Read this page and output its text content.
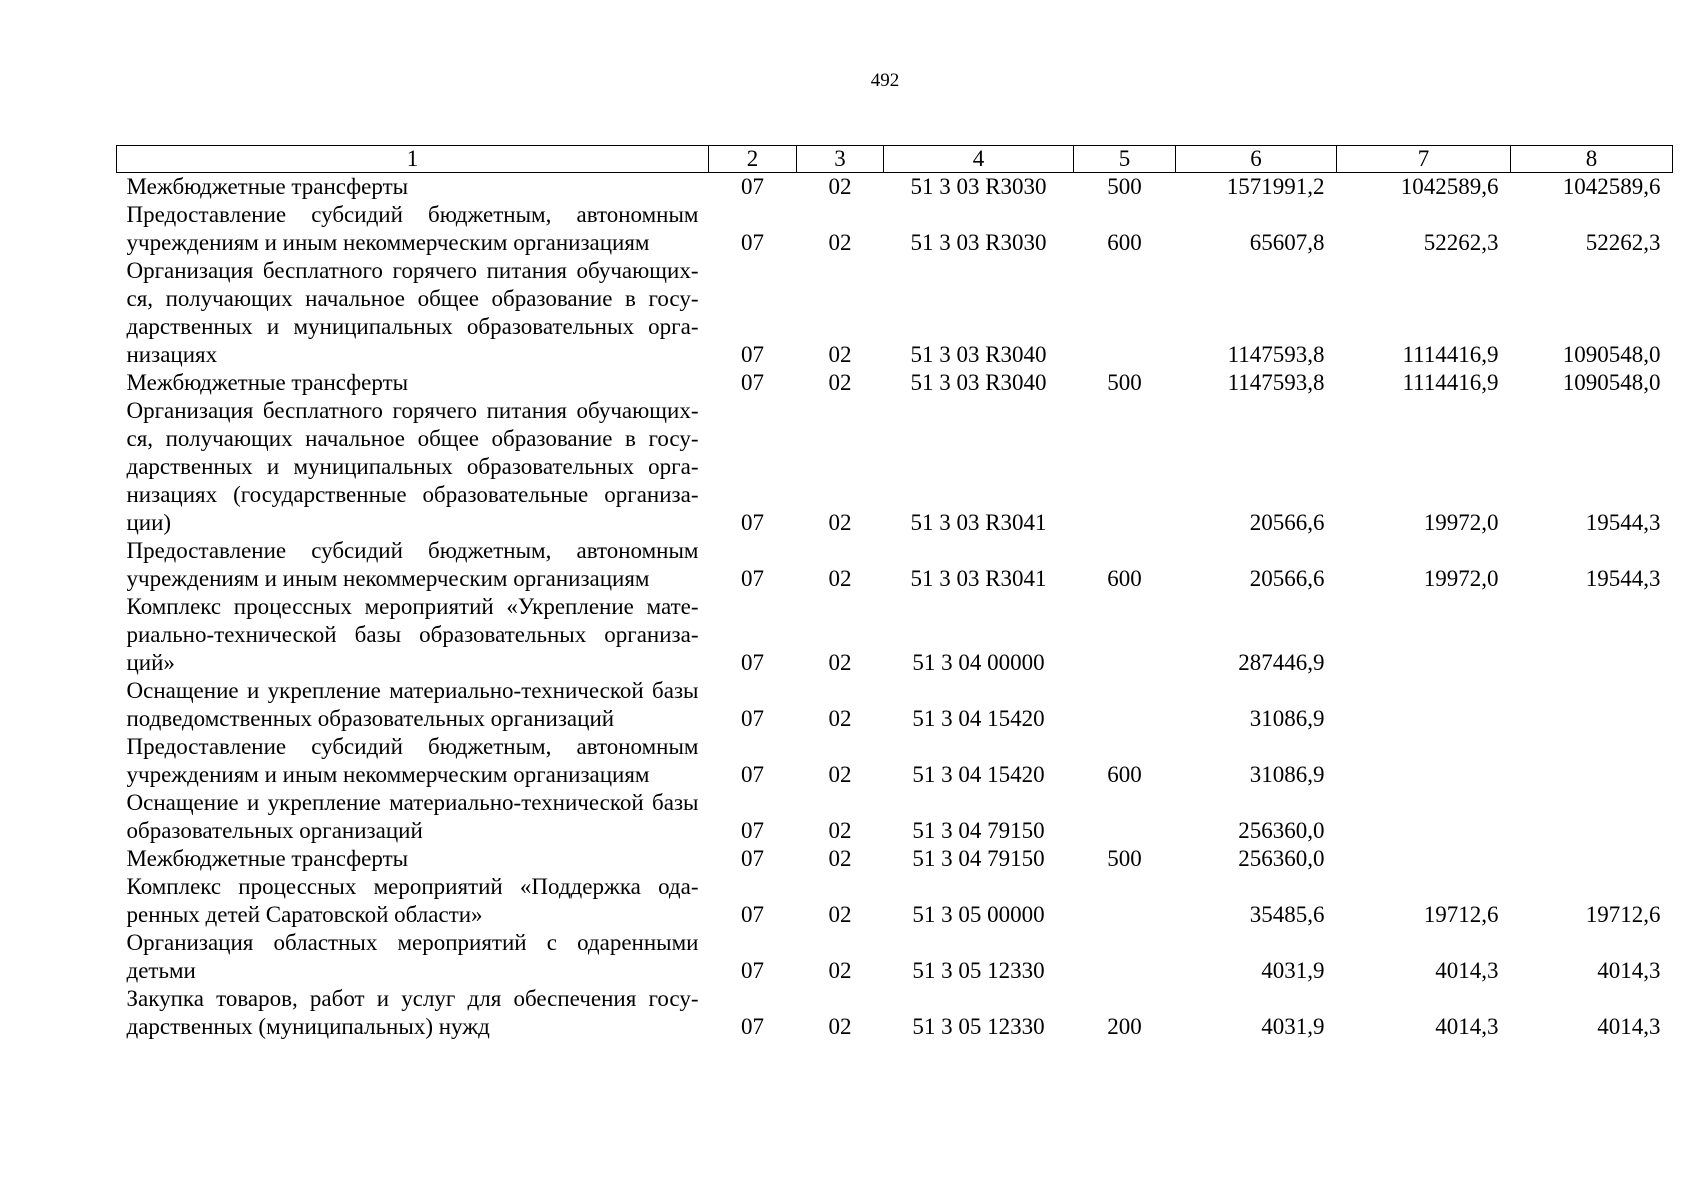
492
1	2	3	4	5	6	7	8
Межбюджетные трансферты	07	02	51 3 03 R3030	500	1571991,2	1042589,6	1042589,6
Предоставление субсидий бюджетным, автономным учреждениям и иным некоммерческим организациям	07	02	51 3 03 R3030	600	65607,8	52262,3	52262,3
Организация бесплатного горячего питания обучающихся, получающих начальное общее образование в государственных и муниципальных образовательных организациях	07	02	51 3 03 R3040		1147593,8	1114416,9	1090548,0
Межбюджетные трансферты	07	02	51 3 03 R3040	500	1147593,8	1114416,9	1090548,0
Организация бесплатного горячего питания обучающихся, получающих начальное общее образование в государственных и муниципальных образовательных организациях (государственные образовательные организации)	07	02	51 3 03 R3041		20566,6	19972,0	19544,3
Предоставление субсидий бюджетным, автономным учреждениям и иным некоммерческим организациям	07	02	51 3 03 R3041	600	20566,6	19972,0	19544,3
Комплекс процессных мероприятий «Укрепление материально-технической базы образовательных организаций»	07	02	51 3 04 00000		287446,9		
Оснащение и укрепление материально-технической базы подведомственных образовательных организаций	07	02	51 3 04 15420		31086,9		
Предоставление субсидий бюджетным, автономным учреждениям и иным некоммерческим организациям	07	02	51 3 04 15420	600	31086,9		
Оснащение и укрепление материально-технической базы образовательных организаций	07	02	51 3 04 79150		256360,0		
Межбюджетные трансферты	07	02	51 3 04 79150	500	256360,0		
Комплекс процессных мероприятий «Поддержка одаренных детей Саратовской области»	07	02	51 3 05 00000		35485,6	19712,6	19712,6
Организация областных мероприятий с одаренными детьми	07	02	51 3 05 12330		4031,9	4014,3	4014,3
Закупка товаров, работ и услуг для обеспечения государственных (муниципальных) нужд	07	02	51 3 05 12330	200	4031,9	4014,3	4014,3
